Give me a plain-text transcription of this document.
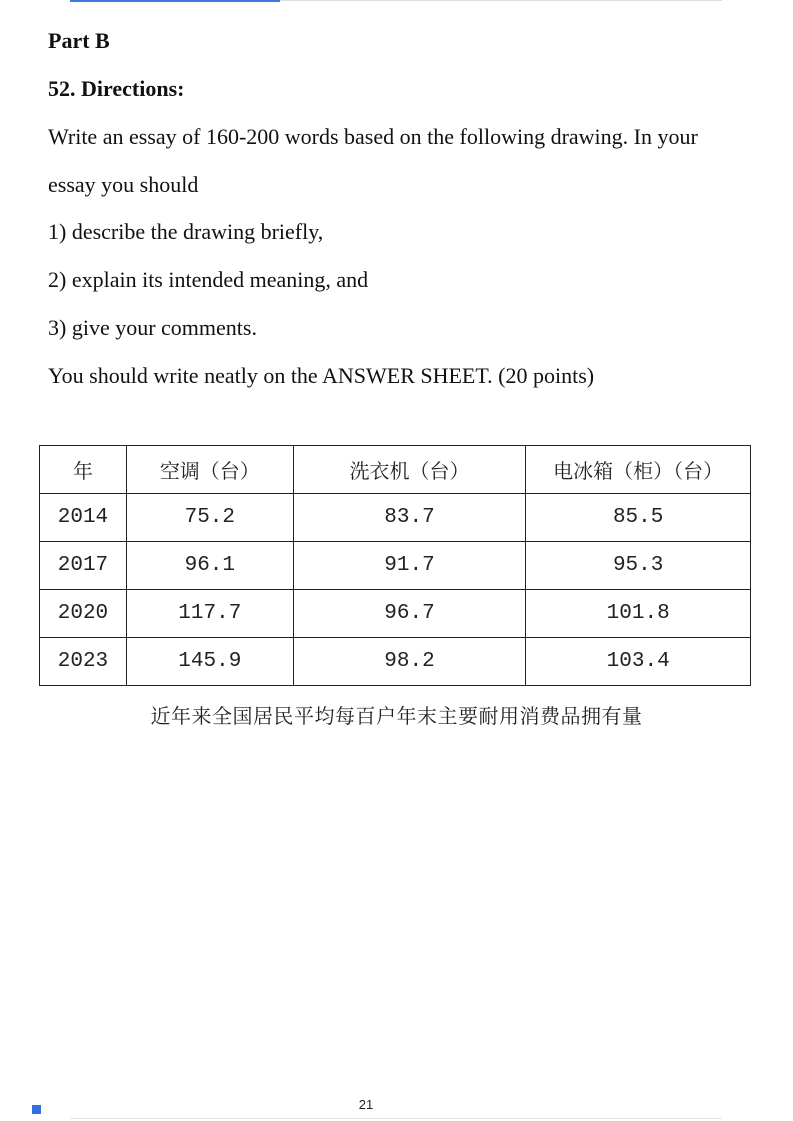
Part B
52. Directions:
Write an essay of 160-200 words based on the following drawing. In your
essay you should
1) describe the drawing briefly,
2) explain its intended meaning, and
3) give your comments.
You should write neatly on the ANSWER SHEET. (20 points)
年	空调（台）	洗衣机（台）	电冰箱（柜）（台）
2014	75.2	83.7	85.5
2017	96.1	91.7	95.3
2020	117.7	96.7	101.8
2023	145.9	98.2	103.4
近年来全国居民平均每百户年末主要耐用消费品拥有量
21
